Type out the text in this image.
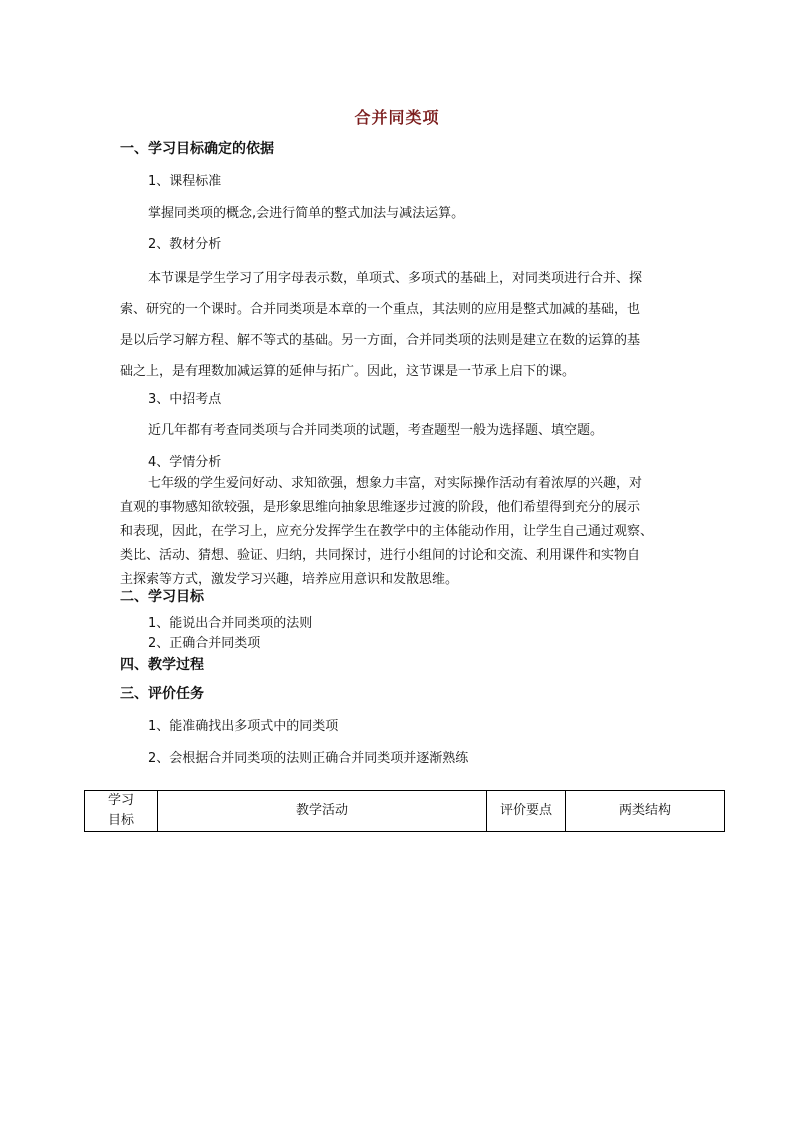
合并同类项
一、学习目标确定的依据
1、课程标准
掌握同类项的概念,会进行简单的整式加法与减法运算。
2、教材分析
本节课是学生学习了用字母表示数，单项式、多项式的基础上，对同类项进行合并、探
索、研究的一个课时。合并同类项是本章的一个重点，其法则的应用是整式加减的基础，也
是以后学习解方程、解不等式的基础。另一方面，合并同类项的法则是建立在数的运算的基
础之上，是有理数加减运算的延伸与拓广。因此，这节课是一节承上启下的课。
3、中招考点
近几年都有考查同类项与合并同类项的试题，考查题型一般为选择题、填空题。
4、学情分析
七年级的学生爱问好动、求知欲强，想象力丰富，对实际操作活动有着浓厚的兴趣，对
直观的事物感知欲较强，是形象思维向抽象思维逐步过渡的阶段，他们希望得到充分的展示
和表现，因此，在学习上，应充分发挥学生在教学中的主体能动作用，让学生自己通过观察、
类比、活动、猜想、验证、归纳，共同探讨，进行小组间的讨论和交流、利用课件和实物自
主探索等方式，激发学习兴趣，培养应用意识和发散思维。
二、学习目标
1、能说出合并同类项的法则
2、正确合并同类项
四、教学过程
三、评价任务
1、能准确找出多项式中的同类项
2、会根据合并同类项的法则正确合并同类项并逐渐熟练
学习
目标
	教学活动	评价要点	两类结构
